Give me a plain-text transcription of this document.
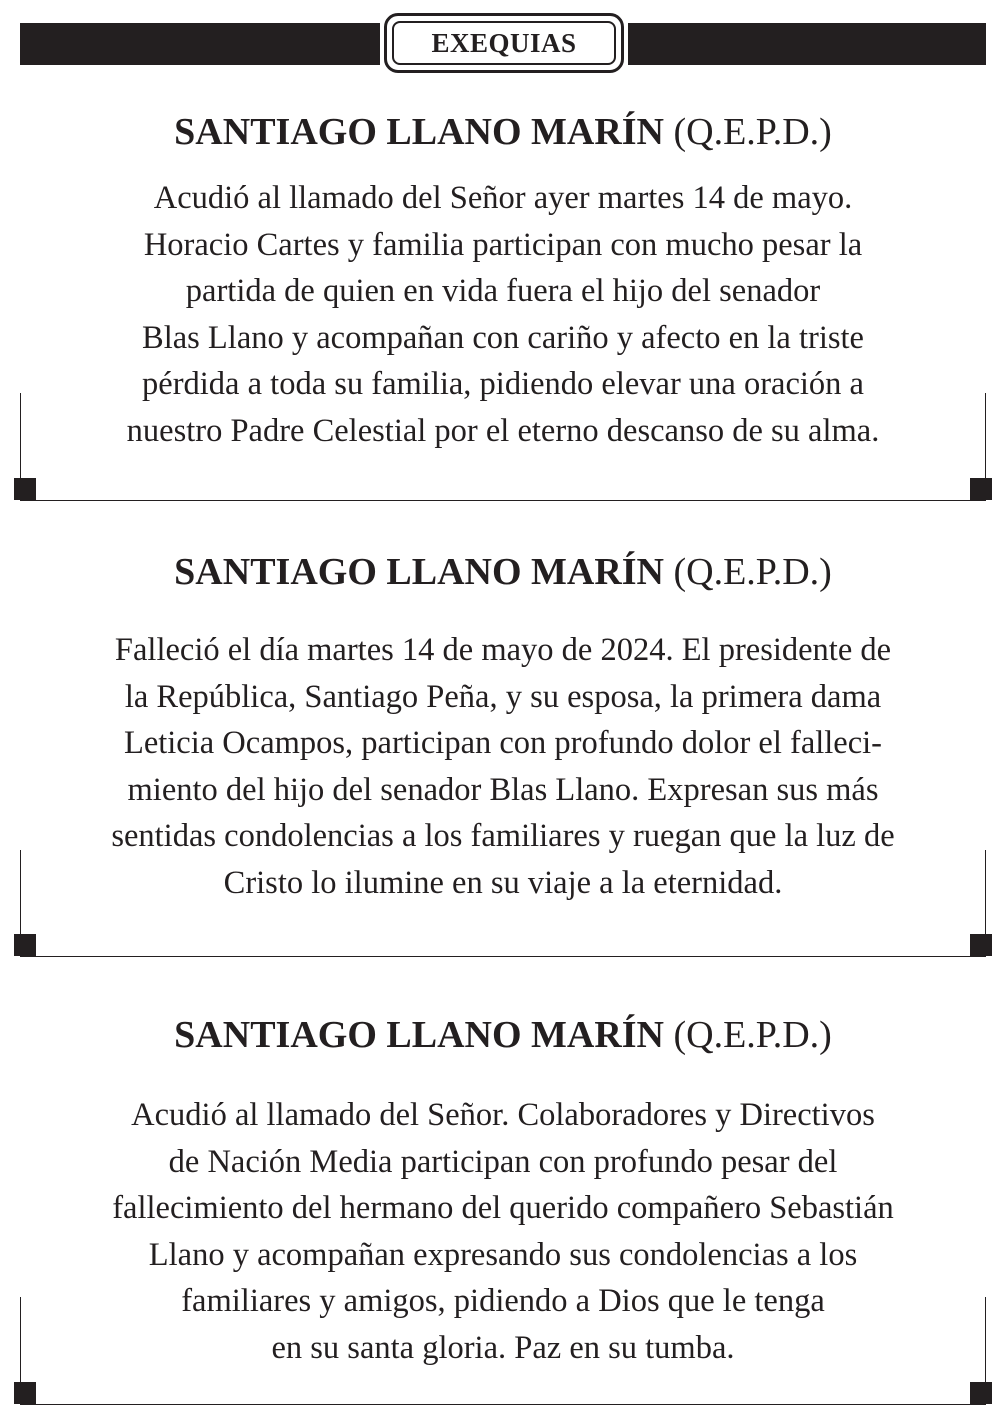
EXEQUIAS
SANTIAGO LLANO MARÍN (Q.E.P.D.)
Acudió al llamado del Señor ayer martes 14 de mayo.
Horacio Cartes y familia participan con mucho pesar la
partida de quien en vida fuera el hijo del senador
Blas Llano y acompañan con cariño y afecto en la triste
pérdida a toda su familia, pidiendo elevar una oración a
nuestro Padre Celestial por el eterno descanso de su alma.
SANTIAGO LLANO MARÍN (Q.E.P.D.)
Falleció el día martes 14 de mayo de 2024. El presidente de
la República, Santiago Peña, y su esposa, la primera dama
Leticia Ocampos, participan con profundo dolor el falleci-
miento del hijo del senador Blas Llano. Expresan sus más
sentidas condolencias a los familiares y ruegan que la luz de
Cristo lo ilumine en su viaje a la eternidad.
SANTIAGO LLANO MARÍN (Q.E.P.D.)
Acudió al llamado del Señor. Colaboradores y Directivos
de Nación Media participan con profundo pesar del
fallecimiento del hermano del querido compañero Sebastián
Llano y acompañan expresando sus condolencias a los
familiares y amigos, pidiendo a Dios que le tenga
en su santa gloria. Paz en su tumba.
